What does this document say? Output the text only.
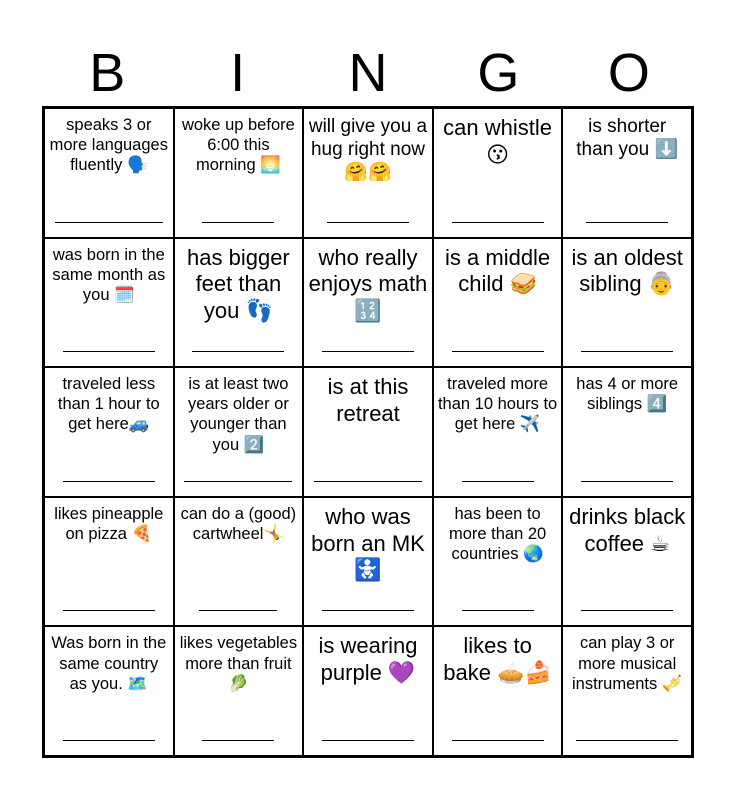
B	I	N	G	O
speaks 3 or more languages fluently 🗣️
woke up before 6:00 this morning 🌅
will give you a hug right now 🤗🤗
can whistle 😗
is shorter than you ⬇️
was born in the same month as you 🗓️
has bigger feet than you 👣
who really enjoys math 🔢
is a middle child 🥪
is an oldest sibling 👵
traveled less than 1 hour to get here🚙
is at least two years older or younger than you 2️⃣
is at this retreat
traveled more than 10 hours to get here ✈️
has 4 or more siblings 4️⃣
likes pineapple on pizza 🍕
can do a (good) cartwheel🤸
who was born an MK 🚼
has been to more than 20 countries 🌏
drinks black coffee ☕
Was born in the same country as you. 🗺️
likes vegetables more than fruit 🥬
is wearing purple 💜
likes to bake 🥧🍰
can play 3 or more musical instruments 🎺
